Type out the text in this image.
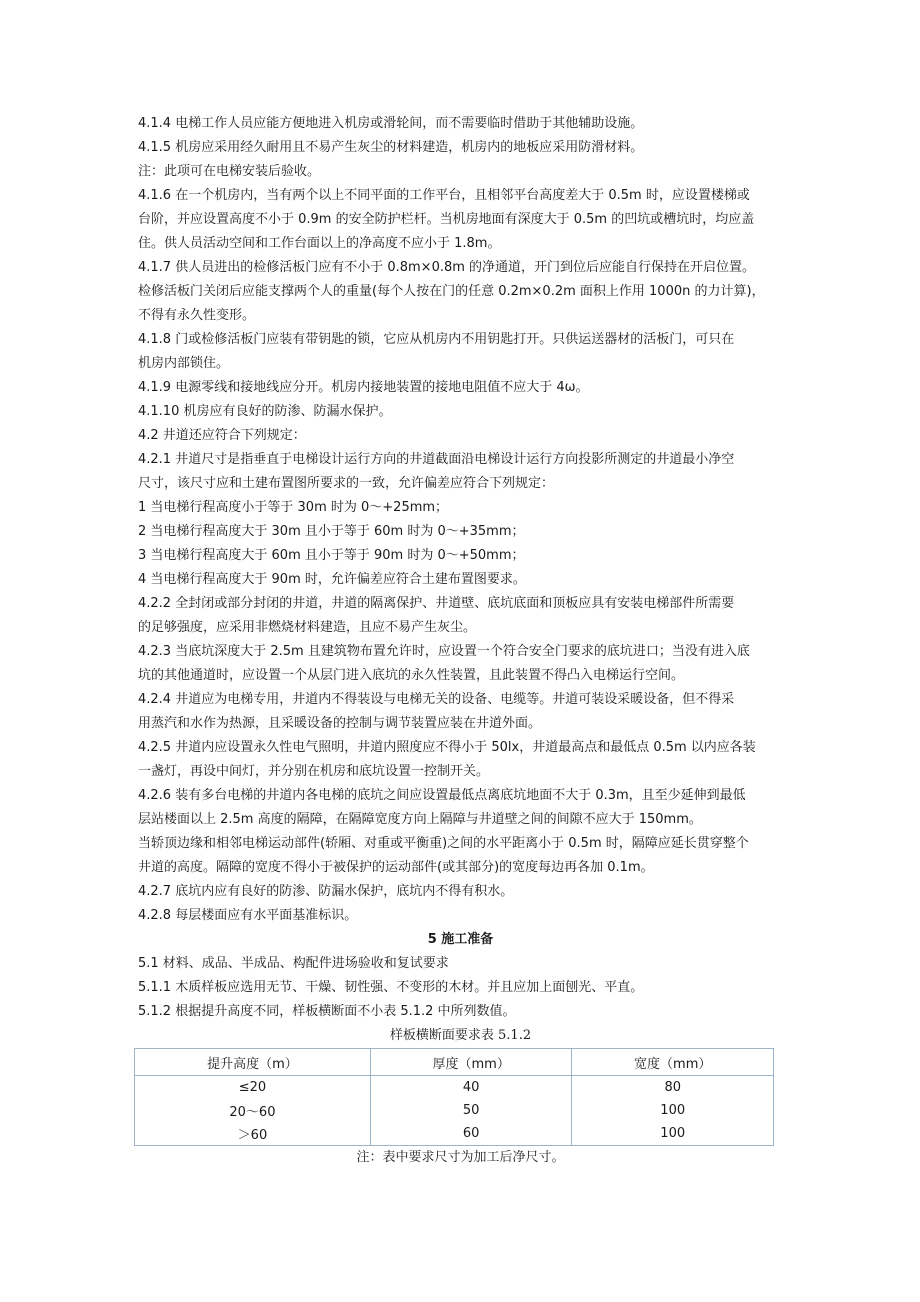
4.1.4 电梯工作人员应能方便地进入机房或滑轮间，而不需要临时借助于其他辅助设施。

4.1.5 机房应采用经久耐用且不易产生灰尘的材料建造，机房内的地板应采用防滑材料。

注：此项可在电梯安装后验收。

4.1.6 在一个机房内，当有两个以上不同平面的工作平台，且相邻平台高度差大于 0.5m 时，应设置楼梯或

台阶，并应设置高度不小于 0.9m 的安全防护栏杆。当机房地面有深度大于 0.5m 的凹坑或槽坑时，均应盖

住。供人员活动空间和工作台面以上的净高度不应小于 1.8m。

4.1.7 供人员进出的检修活板门应有不小于 0.8m×0.8m 的净通道，开门到位后应能自行保持在开启位置。

检修活板门关闭后应能支撑两个人的重量(每个人按在门的任意 0.2m×0.2m 面积上作用 1000n 的力计算)，

不得有永久性变形。

4.1.8 门或检修活板门应装有带钥匙的锁，它应从机房内不用钥匙打开。只供运送器材的活板门，可只在

机房内部锁住。

4.1.9 电源零线和接地线应分开。机房内接地装置的接地电阻值不应大于 4ω。

4.1.10 机房应有良好的防渗、防漏水保护。

4.2 井道还应符合下列规定：

4.2.1 井道尺寸是指垂直于电梯设计运行方向的井道截面沿电梯设计运行方向投影所测定的井道最小净空

尺寸，该尺寸应和土建布置图所要求的一致，允许偏差应符合下列规定：

1 当电梯行程高度小于等于 30m 时为 0～+25mm；

2 当电梯行程高度大于 30m 且小于等于 60m 时为 0～+35mm；

3 当电梯行程高度大于 60m 且小于等于 90m 时为 0～+50mm；

4 当电梯行程高度大于 90m 时，允许偏差应符合土建布置图要求。

4.2.2 全封闭或部分封闭的井道，井道的隔离保护、井道壁、底坑底面和顶板应具有安装电梯部件所需要

的足够强度，应采用非燃烧材料建造，且应不易产生灰尘。

4.2.3 当底坑深度大于 2.5m 且建筑物布置允许时，应设置一个符合安全门要求的底坑进口；当没有进入底

坑的其他通道时，应设置一个从层门进入底坑的永久性装置，且此装置不得凸入电梯运行空间。

4.2.4 井道应为电梯专用，井道内不得装设与电梯无关的设备、电缆等。井道可装设采暖设备，但不得采

用蒸汽和水作为热源，且采暖设备的控制与调节装置应装在井道外面。

4.2.5 井道内应设置永久性电气照明，井道内照度应不得小于 50lx，井道最高点和最低点 0.5m 以内应各装

一盏灯，再设中间灯，并分别在机房和底坑设置一控制开关。

4.2.6 装有多台电梯的井道内各电梯的底坑之间应设置最低点离底坑地面不大于 0.3m，且至少延伸到最低

层站楼面以上 2.5m 高度的隔障，在隔障宽度方向上隔障与井道壁之间的间隙不应大于 150mm。

当轿顶边缘和相邻电梯运动部件(轿厢、对重或平衡重)之间的水平距离小于 0.5m 时，隔障应延长贯穿整个

井道的高度。隔障的宽度不得小于被保护的运动部件(或其部分)的宽度每边再各加 0.1m。

4.2.7 底坑内应有良好的防渗、防漏水保护，底坑内不得有积水。

4.2.8 每层楼面应有水平面基准标识。

5 施工准备

5.1 材料、成品、半成品、构配件进场验收和复试要求

5.1.1 木质样板应选用无节、干燥、韧性强、不变形的木材。并且应加上面刨光、平直。

5.1.2 根据提升高度不同，样板横断面不小表 5.1.2 中所列数值。

样板横断面要求表 5.1.2

提升高度（m）	厚度（mm）	宽度（mm）
≤20	40	80
20～60	50	100
＞60	60	100

注：表中要求尺寸为加工后净尺寸。
